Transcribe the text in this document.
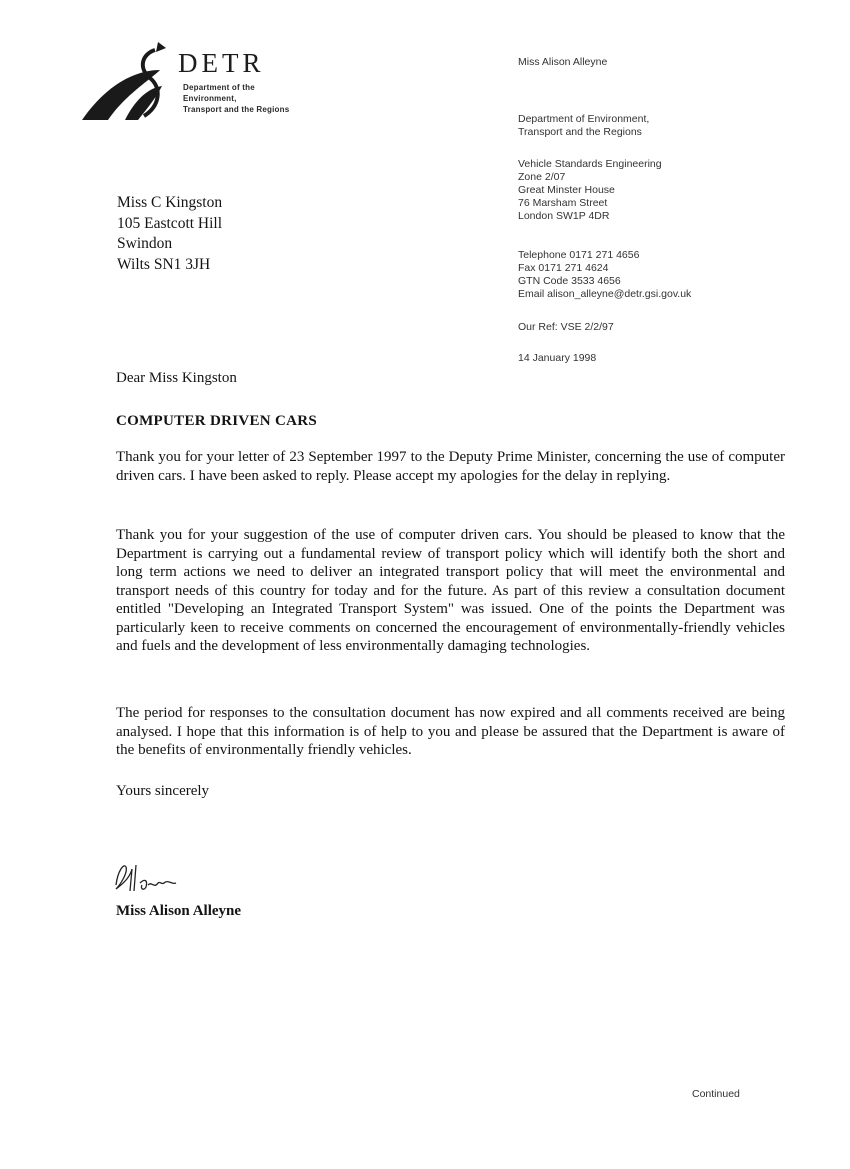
DETR
Department of the
Environment,
Transport and the Regions
Miss Alison Alleyne
Department of Environment,
Transport and the Regions
Vehicle Standards Engineering
Zone 2/07
Great Minster House
76 Marsham Street
London SW1P 4DR
Telephone 0171 271 4656
Fax 0171 271 4624
GTN Code 3533 4656
Email alison_alleyne@detr.gsi.gov.uk
Our Ref: VSE 2/2/97
14 January 1998
Miss C Kingston
105 Eastcott Hill
Swindon
Wilts SN1 3JH
Dear Miss Kingston
COMPUTER DRIVEN CARS
Thank you for your letter of 23 September 1997 to the Deputy Prime Minister, concerning the use of computer driven cars. I have been asked to reply. Please accept my apologies for the delay in replying.
Thank you for your suggestion of the use of computer driven cars. You should be pleased to know that the Department is carrying out a fundamental review of transport policy which will identify both the short and long term actions we need to deliver an integrated transport policy that will meet the environmental and transport needs of this country for today and for the future. As part of this review a consultation document entitled "Developing an Integrated Transport System" was issued. One of the points the Department was particularly keen to receive comments on concerned the encouragement of environmentally-friendly vehicles and fuels and the development of less environmentally damaging technologies.
The period for responses to the consultation document has now expired and all comments received are being analysed. I hope that this information is of help to you and please be assured that the Department is aware of the benefits of environmentally friendly vehicles.
Yours sincerely
Miss Alison Alleyne
Continued
